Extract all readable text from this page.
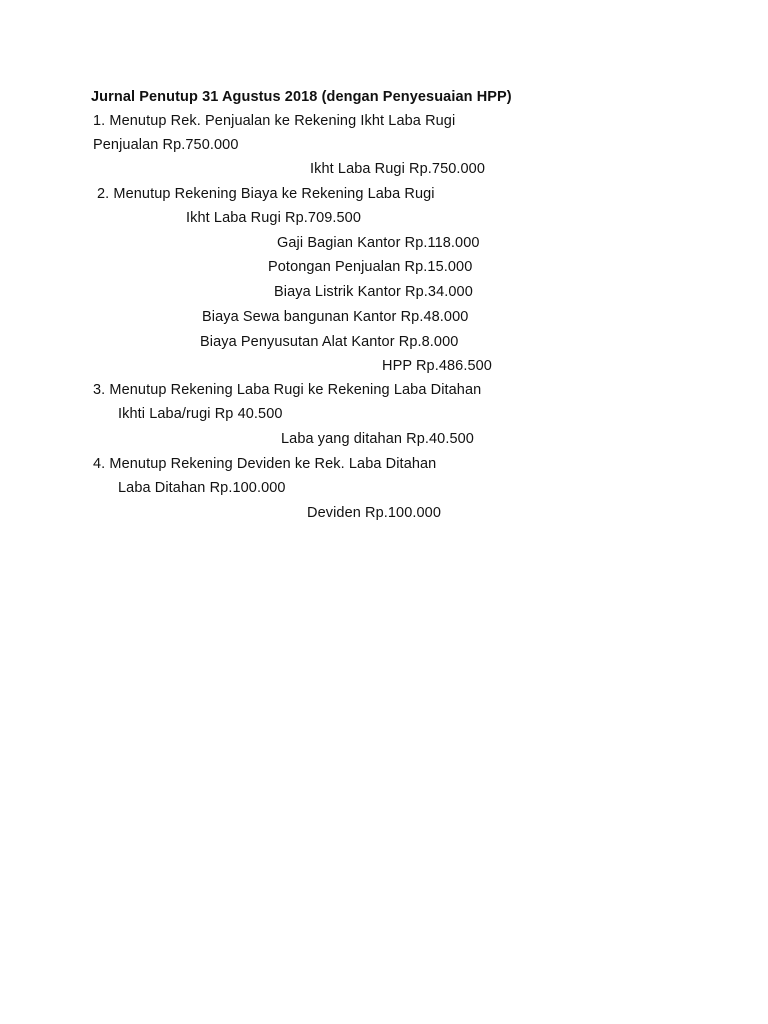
Jurnal Penutup 31 Agustus 2018 (dengan Penyesuaian HPP)
1. Menutup Rek. Penjualan ke Rekening Ikht Laba Rugi
Penjualan Rp.750.000
Ikht Laba Rugi Rp.750.000
2. Menutup Rekening Biaya ke Rekening Laba Rugi
Ikht Laba Rugi Rp.709.500
Gaji Bagian Kantor Rp.118.000
Potongan Penjualan Rp.15.000
Biaya Listrik Kantor Rp.34.000
Biaya Sewa bangunan Kantor Rp.48.000
Biaya Penyusutan Alat Kantor Rp.8.000
HPP Rp.486.500
3. Menutup Rekening Laba Rugi ke Rekening Laba Ditahan
Ikhti Laba/rugi Rp 40.500
Laba yang ditahan Rp.40.500
4. Menutup Rekening Deviden ke Rek. Laba Ditahan
Laba Ditahan Rp.100.000
Deviden Rp.100.000
